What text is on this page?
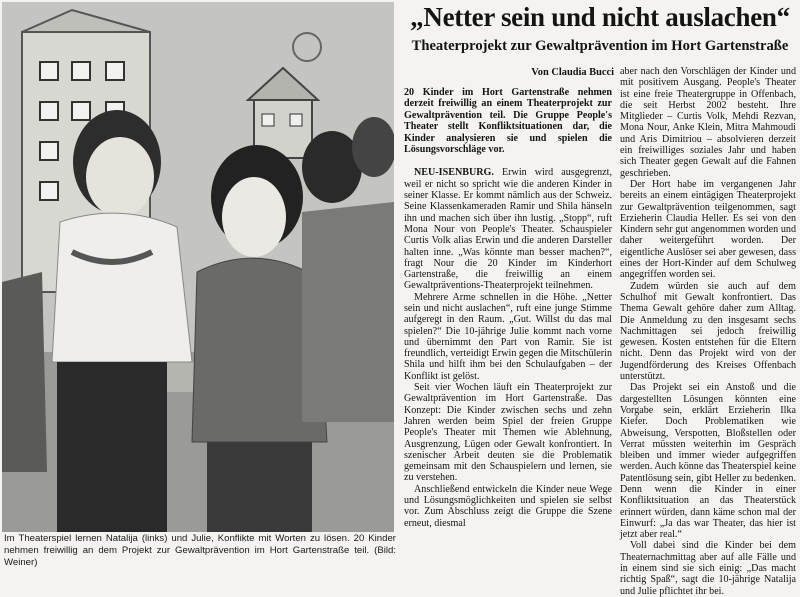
Im Theaterspiel lernen Natalija (links) und Julie, Konflikte mit Worten zu lösen. 20 Kinder nehmen freiwillig an dem Projekt zur Gewaltprävention im Hort Gartenstraße teil. (Bild: Weiner)
„Netter sein und nicht auslachen“
Theaterprojekt zur Gewaltprävention im Hort Gartenstraße
Von Claudia Bucci

20 Kinder im Hort Gartenstraße nehmen derzeit freiwillig an einem Theaterprojekt zur Gewaltprävention teil. Die Gruppe People's Theater stellt Konfliktsituationen dar, die Kinder analysieren sie und spielen die Lösungsvorschläge vor.

NEU-ISENBURG. Erwin wird ausgegrenzt, weil er nicht so spricht wie die anderen Kinder in seiner Klasse. Er kommt nämlich aus der Schweiz. Seine Klassenkameraden Ramir und Shila hänseln ihn und machen sich über ihn lustig. „Stopp“, ruft Mona Nour von People's Theater. Schauspieler Curtis Volk alias Erwin und die anderen Darsteller halten inne. „Was könnte man besser machen?“, fragt Nour die 20 Kinder im Kinderhort Gartenstraße, die freiwillig an einem Gewaltpräventions-Theaterprojekt teilnehmen.

Mehrere Arme schnellen in die Höhe. „Netter sein und nicht auslachen“, ruft eine junge Stimme aufgeregt in den Raum. „Gut. Willst du das mal spielen?“ Die 10-jährige Julie kommt nach vorne und übernimmt den Part von Ramir. Sie ist freundlich, verteidigt Erwin gegen die Mitschülerin Shila und hilft ihm bei den Schulaufgaben – der Konflikt ist gelöst.

Seit vier Wochen läuft ein Theaterprojekt zur Gewaltprävention im Hort Gartenstraße. Das Konzept: Die Kinder zwischen sechs und zehn Jahren werden beim Spiel der freien Gruppe People's Theater mit Themen wie Ablehnung, Ausgrenzung, Lügen oder Gewalt konfrontiert. In szenischer Arbeit deuten sie die Problematik gemeinsam mit den Schauspielern und lernen, sie zu verstehen.

Anschließend entwickeln die Kinder neue Wege und Lösungsmöglichkeiten und spielen sie selbst vor. Zum Abschluss zeigt die Gruppe die Szene erneut, diesmal

aber nach den Vorschlägen der Kinder und mit positivem Ausgang. People's Theater ist eine freie Theatergruppe in Offenbach, die seit Herbst 2002 besteht. Ihre Mitglieder – Curtis Volk, Mehdi Rezvan, Mona Nour, Anke Klein, Mitra Mahmoudi und Aris Dimitriou – absolvieren derzeit ein freiwilliges soziales Jahr und haben sich Theater gegen Gewalt auf die Fahnen geschrieben.

Der Hort habe im vergangenen Jahr bereits an einem eintägigen Theaterprojekt zur Gewaltprävention teilgenommen, sagt Erzieherin Claudia Heller. Es sei von den Kindern sehr gut angenommen worden und daher weitergeführt worden. Der eigentliche Auslöser sei aber gewesen, dass eines der Hort-Kinder auf dem Schulweg angegriffen worden sei.

Zudem würden sie auch auf dem Schulhof mit Gewalt konfrontiert. Das Thema Gewalt gehöre daher zum Alltag. Die Anmeldung zu den insgesamt sechs Nachmittagen sei jedoch freiwillig gewesen. Kosten entstehen für die Eltern nicht. Denn das Projekt wird von der Jugendförderung des Kreises Offenbach unterstützt.

Das Projekt sei ein Anstoß und die dargestellten Lösungen könnten eine Vorgabe sein, erklärt Erzieherin Ilka Kiefer. Doch Problematiken wie Abweisung, Verspotten, Bloßstellen oder Verrat müssten weiterhin im Gespräch bleiben und immer wieder aufgegriffen werden. Auch könne das Theaterspiel keine Patentlösung sein, gibt Heller zu bedenken. Denn wenn die Kinder in einer Konfliktsituation an das Theaterstück erinnert würden, dann käme schon mal der Einwurf: „Ja das war Theater, das hier ist jetzt aber real.“

Voll dabei sind die Kinder bei dem Theaternachmittag aber auf alle Fälle und in einem sind sie sich einig: „Das macht richtig Spaß“, sagt die 10-jährige Natalija und Julie pflichtet ihr bei.
